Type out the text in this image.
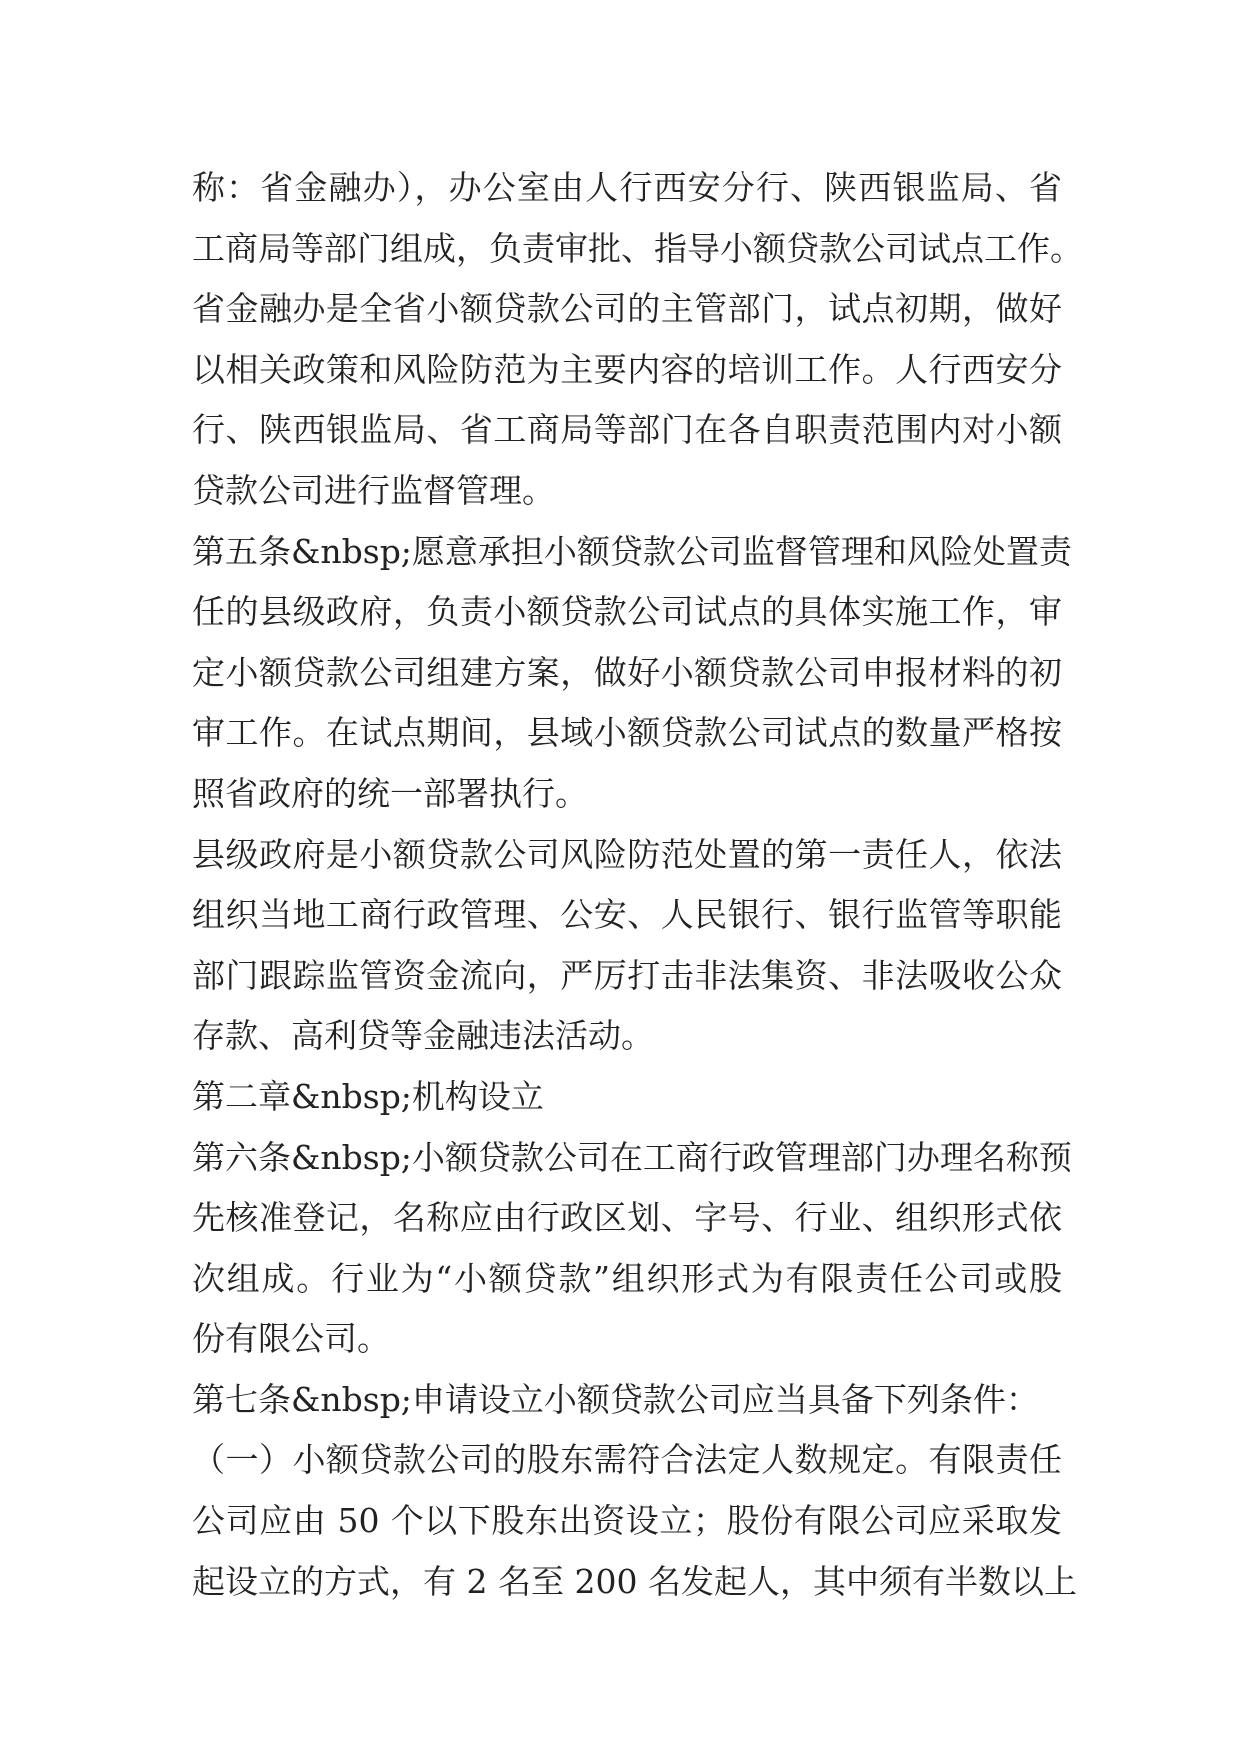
称：省金融办），办公室由人行西安分行、陕西银监局、省
工商局等部门组成，负责审批、指导小额贷款公司试点工作。
省金融办是全省小额贷款公司的主管部门，试点初期，做好
以相关政策和风险防范为主要内容的培训工作。人行西安分
行、陕西银监局、省工商局等部门在各自职责范围内对小额
贷款公司进行监督管理。
第五条&nbsp;愿意承担小额贷款公司监督管理和风险处置责
任的县级政府，负责小额贷款公司试点的具体实施工作，审
定小额贷款公司组建方案，做好小额贷款公司申报材料的初
审工作。在试点期间，县域小额贷款公司试点的数量严格按
照省政府的统一部署执行。
县级政府是小额贷款公司风险防范处置的第一责任人，依法
组织当地工商行政管理、公安、人民银行、银行监管等职能
部门跟踪监管资金流向，严厉打击非法集资、非法吸收公众
存款、高利贷等金融违法活动。
第二章&nbsp;机构设立
第六条&nbsp;小额贷款公司在工商行政管理部门办理名称预
先核准登记，名称应由行政区划、字号、行业、组织形式依
次组成。行业为“小额贷款”组织形式为有限责任公司或股
份有限公司。
第七条&nbsp;申请设立小额贷款公司应当具备下列条件：
（一）小额贷款公司的股东需符合法定人数规定。有限责任
公司应由 50 个以下股东出资设立；股份有限公司应采取发
起设立的方式，有 2 名至 200 名发起人，其中须有半数以上
